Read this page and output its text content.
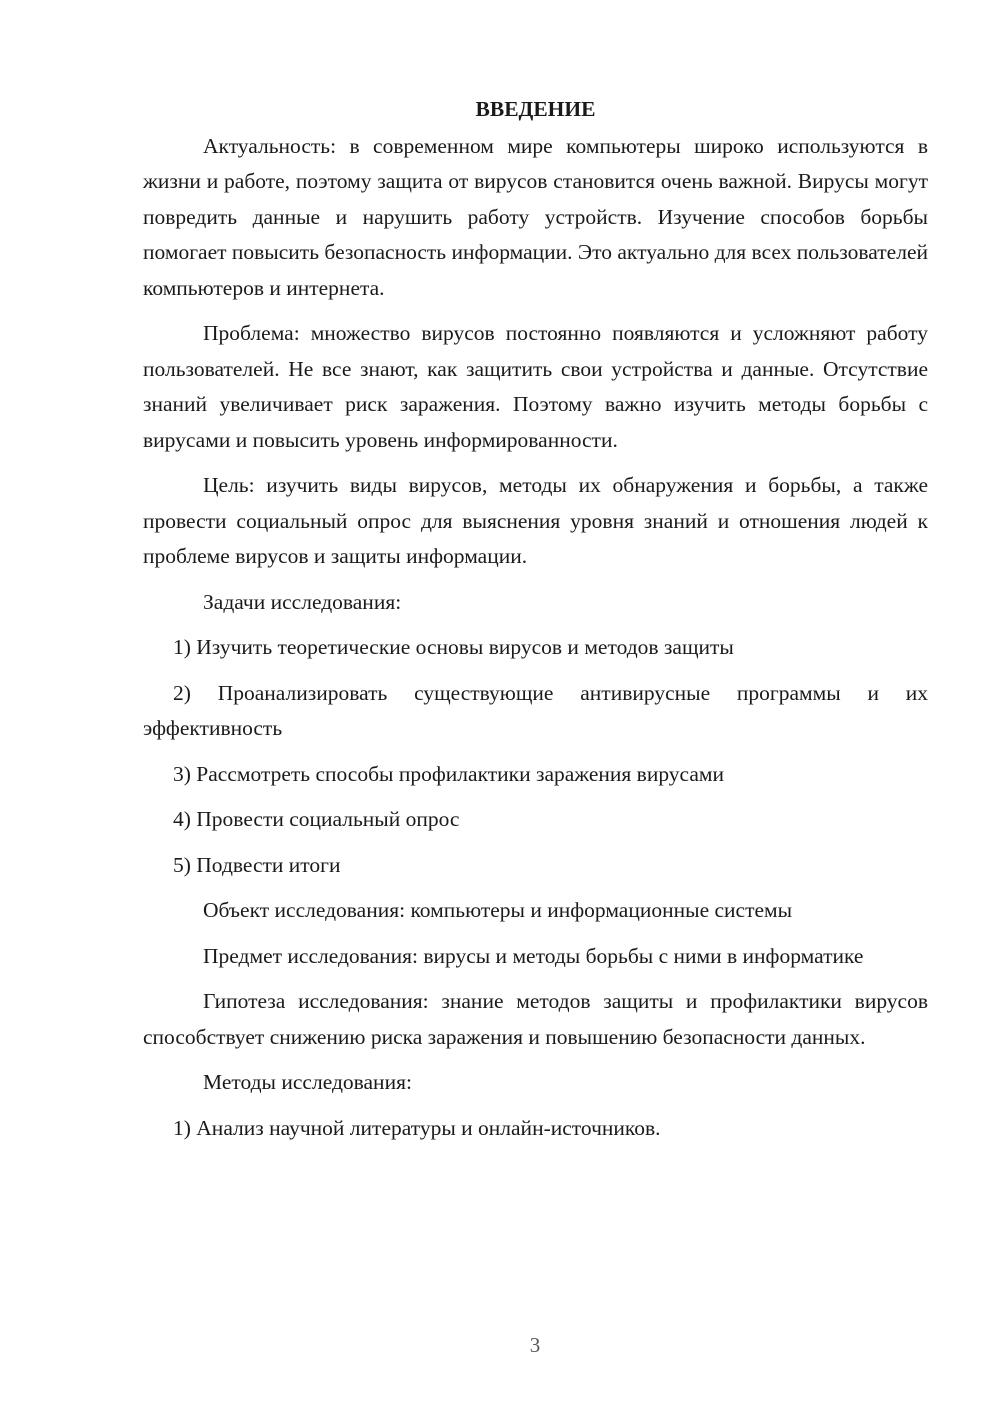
ВВЕДЕНИЕ

Актуальность: в современном мире компьютеры широко используются в жизни и работе, поэтому защита от вирусов становится очень важной. Вирусы могут повредить данные и нарушить работу устройств. Изучение способов борьбы помогает повысить безопасность информации. Это актуально для всех пользователей компьютеров и интернета.

Проблема: множество вирусов постоянно появляются и усложняют работу пользователей. Не все знают, как защитить свои устройства и данные. Отсутствие знаний увеличивает риск заражения. Поэтому важно изучить методы борьбы с вирусами и повысить уровень информированности.

Цель: изучить виды вирусов, методы их обнаружения и борьбы, а также провести социальный опрос для выяснения уровня знаний и отношения людей к проблеме вирусов и защиты информации.

Задачи исследования:

1) Изучить теоретические основы вирусов и методов защиты

2) Проанализировать существующие антивирусные программы и их эффективность

3) Рассмотреть способы профилактики заражения вирусами

4) Провести социальный опрос

5) Подвести итоги

Объект исследования: компьютеры и информационные системы

Предмет исследования: вирусы и методы борьбы с ними в информатике

Гипотеза исследования: знание методов защиты и профилактики вирусов способствует снижению риска заражения и повышению безопасности данных.

Методы исследования:

1) Анализ научной литературы и онлайн-источников.

3
